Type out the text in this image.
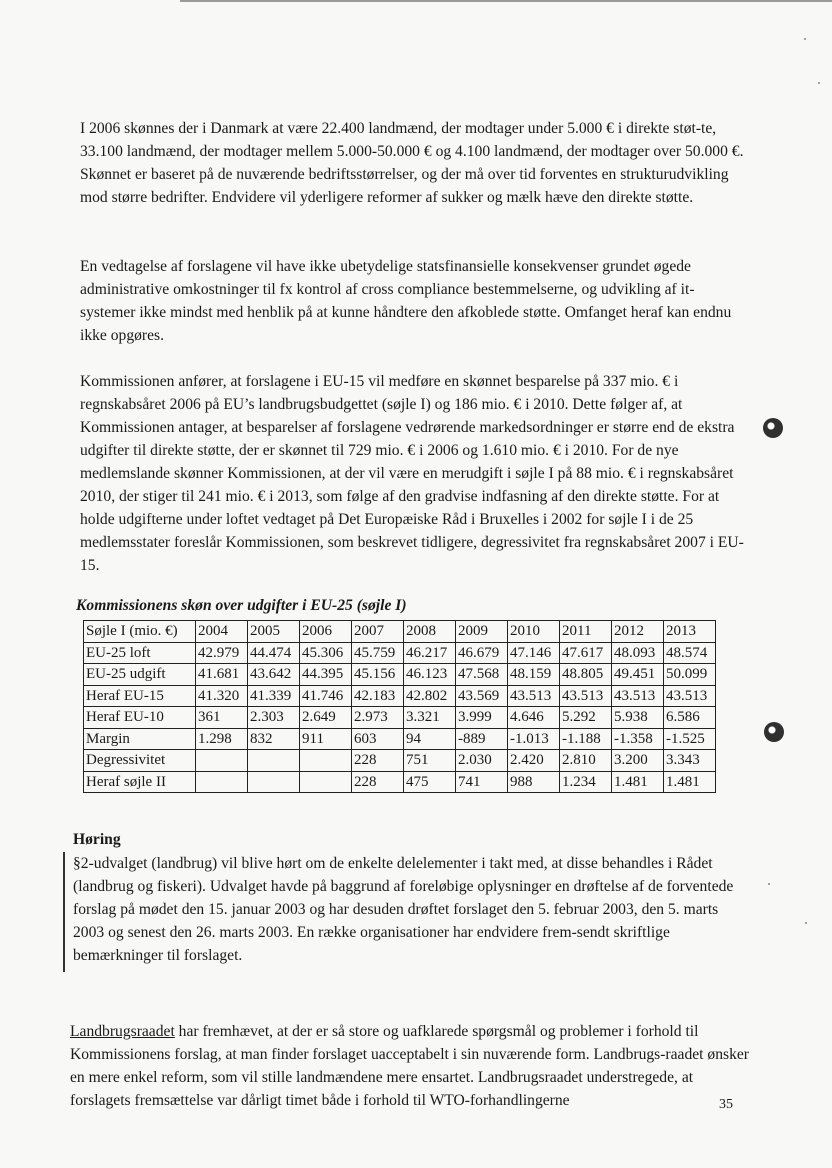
I 2006 skønnes der i Danmark at være 22.400 landmænd, der modtager under 5.000 € i direkte støt-te, 33.100 landmænd, der modtager mellem 5.000-50.000 € og 4.100 landmænd, der modtager over 50.000 €. Skønnet er baseret på de nuværende bedriftsstørrelser, og der må over tid forventes en strukturudvikling mod større bedrifter. Endvidere vil yderligere reformer af sukker og mælk hæve den direkte støtte.

En vedtagelse af forslagene vil have ikke ubetydelige statsfinansielle konsekvenser grundet øgede administrative omkostninger til fx kontrol af cross compliance bestemmelserne, og udvikling af it-systemer ikke mindst med henblik på at kunne håndtere den afkoblede støtte. Omfanget heraf kan endnu ikke opgøres.

Kommissionen anfører, at forslagene i EU-15 vil medføre en skønnet besparelse på 337 mio. € i regnskabsåret 2006 på EU’s landbrugsbudgettet (søjle I) og 186 mio. € i 2010. Dette følger af, at Kommissionen antager, at besparelser af forslagene vedrørende markedsordninger er større end de ekstra udgifter til direkte støtte, der er skønnet til 729 mio. € i 2006 og 1.610 mio. € i 2010. For de nye medlemslande skønner Kommissionen, at der vil være en merudgift i søjle I på 88 mio. € i regnskabsåret 2010, der stiger til 241 mio. € i 2013, som følge af den gradvise indfasning af den direkte støtte. For at holde udgifterne under loftet vedtaget på Det Europæiske Råd i Bruxelles i 2002 for søjle I i de 25 medlemsstater foreslår Kommissionen, som beskrevet tidligere, degressivitet fra regnskabsåret 2007 i EU-15.

Kommissionens skøn over udgifter i EU-25 (søjle I)

Søjle I (mio. €)	2004	2005	2006	2007	2008	2009	2010	2011	2012	2013
EU-25 loft	42.979	44.474	45.306	45.759	46.217	46.679	47.146	47.617	48.093	48.574
EU-25 udgift	41.681	43.642	44.395	45.156	46.123	47.568	48.159	48.805	49.451	50.099
Heraf EU-15	41.320	41.339	41.746	42.183	42.802	43.569	43.513	43.513	43.513	43.513
Heraf EU-10	361	2.303	2.649	2.973	3.321	3.999	4.646	5.292	5.938	6.586
Margin	1.298	832	911	603	94	-889	-1.013	-1.188	-1.358	-1.525
Degressivitet				228	751	2.030	2.420	2.810	3.200	3.343
Heraf søjle II				228	475	741	988	1.234	1.481	1.481

Høring

§2-udvalget (landbrug) vil blive hørt om de enkelte delelementer i takt med, at disse behandles i Rådet (landbrug og fiskeri). Udvalget havde på baggrund af foreløbige oplysninger en drøftelse af de forventede forslag på mødet den 15. januar 2003 og har desuden drøftet forslaget den 5. februar 2003, den 5. marts 2003 og senest den 26. marts 2003. En række organisationer har endvidere frem-sendt skriftlige bemærkninger til forslaget.

Landbrugsraadet har fremhævet, at der er så store og uafklarede spørgsmål og problemer i forhold til Kommissionens forslag, at man finder forslaget uacceptabelt i sin nuværende form. Landbrugs-raadet ønsker en mere enkel reform, som vil stille landmændene mere ensartet. Landbrugsraadet understregede, at forslagets fremsættelse var dårligt timet både i forhold til WTO-forhandlingerne	35
